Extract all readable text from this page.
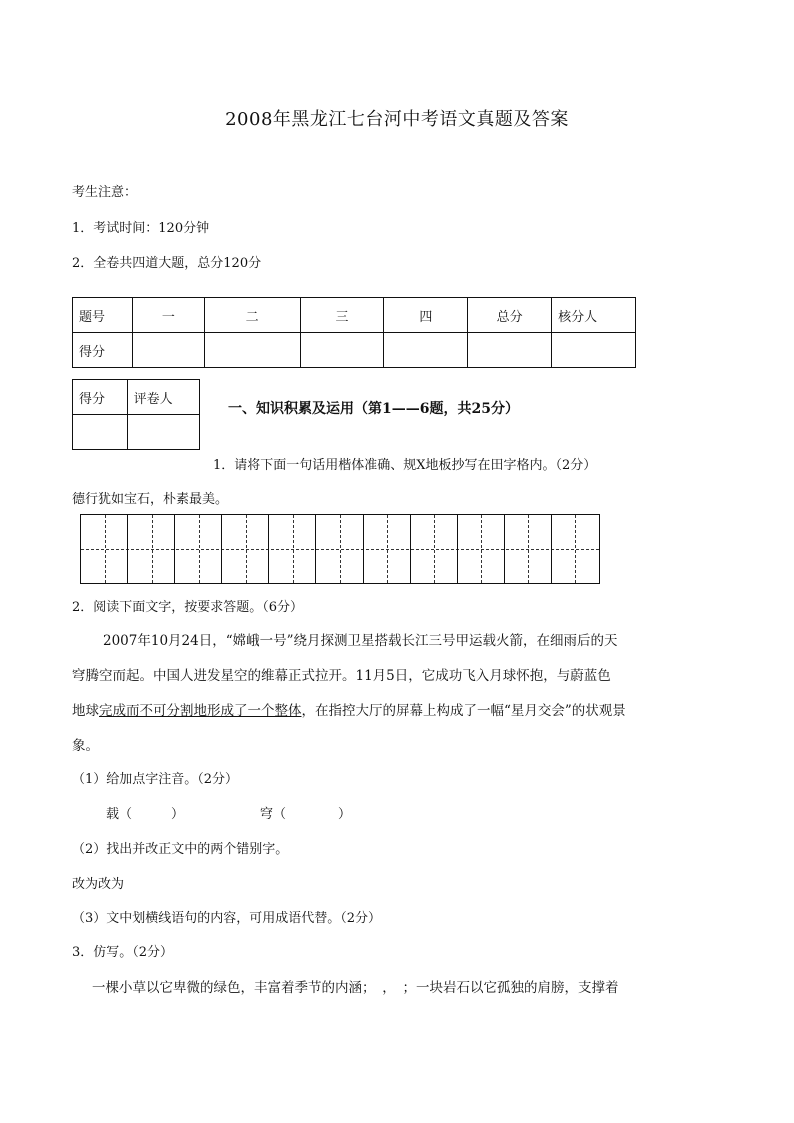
2008年黑龙江七台河中考语文真题及答案
考生注意：
1．考试时间：120分钟
2．全卷共四道大题，总分120分
题号	一	二	三	四	总分	核分人
得分						
得分	评卷人

一、知识积累及运用（第1——6题，共25分）
1．请将下面一句话用楷体准确、规X地板抄写在田字格内。（2分）
德行犹如宝石，朴素最美。
2．阅读下面文字，按要求答题。（6分）
2007年10月24日，“嫦峨一号”绕月探测卫星搭载长江三号甲运载火箭，在细雨后的天
穹腾空而起。中国人进发星空的维幕正式拉开。11月5日，它成功飞入月球怀抱，与蔚蓝色
地球完成而不可分割地形成了一个整体，在指控大厅的屏幕上构成了一幅“星月交会”的状观景
象。
（1）给加点字注音。（2分）
载（　　　）	穹（　　　　）
（2）找出并改正文中的两个错别字。
改为改为
（3）文中划横线语句的内容，可用成语代替。（2分）
3．仿写。（2分）
一棵小草以它卑微的绿色，丰富着季节的内涵；　，　；一块岩石以它孤独的肩膀，支撑着
